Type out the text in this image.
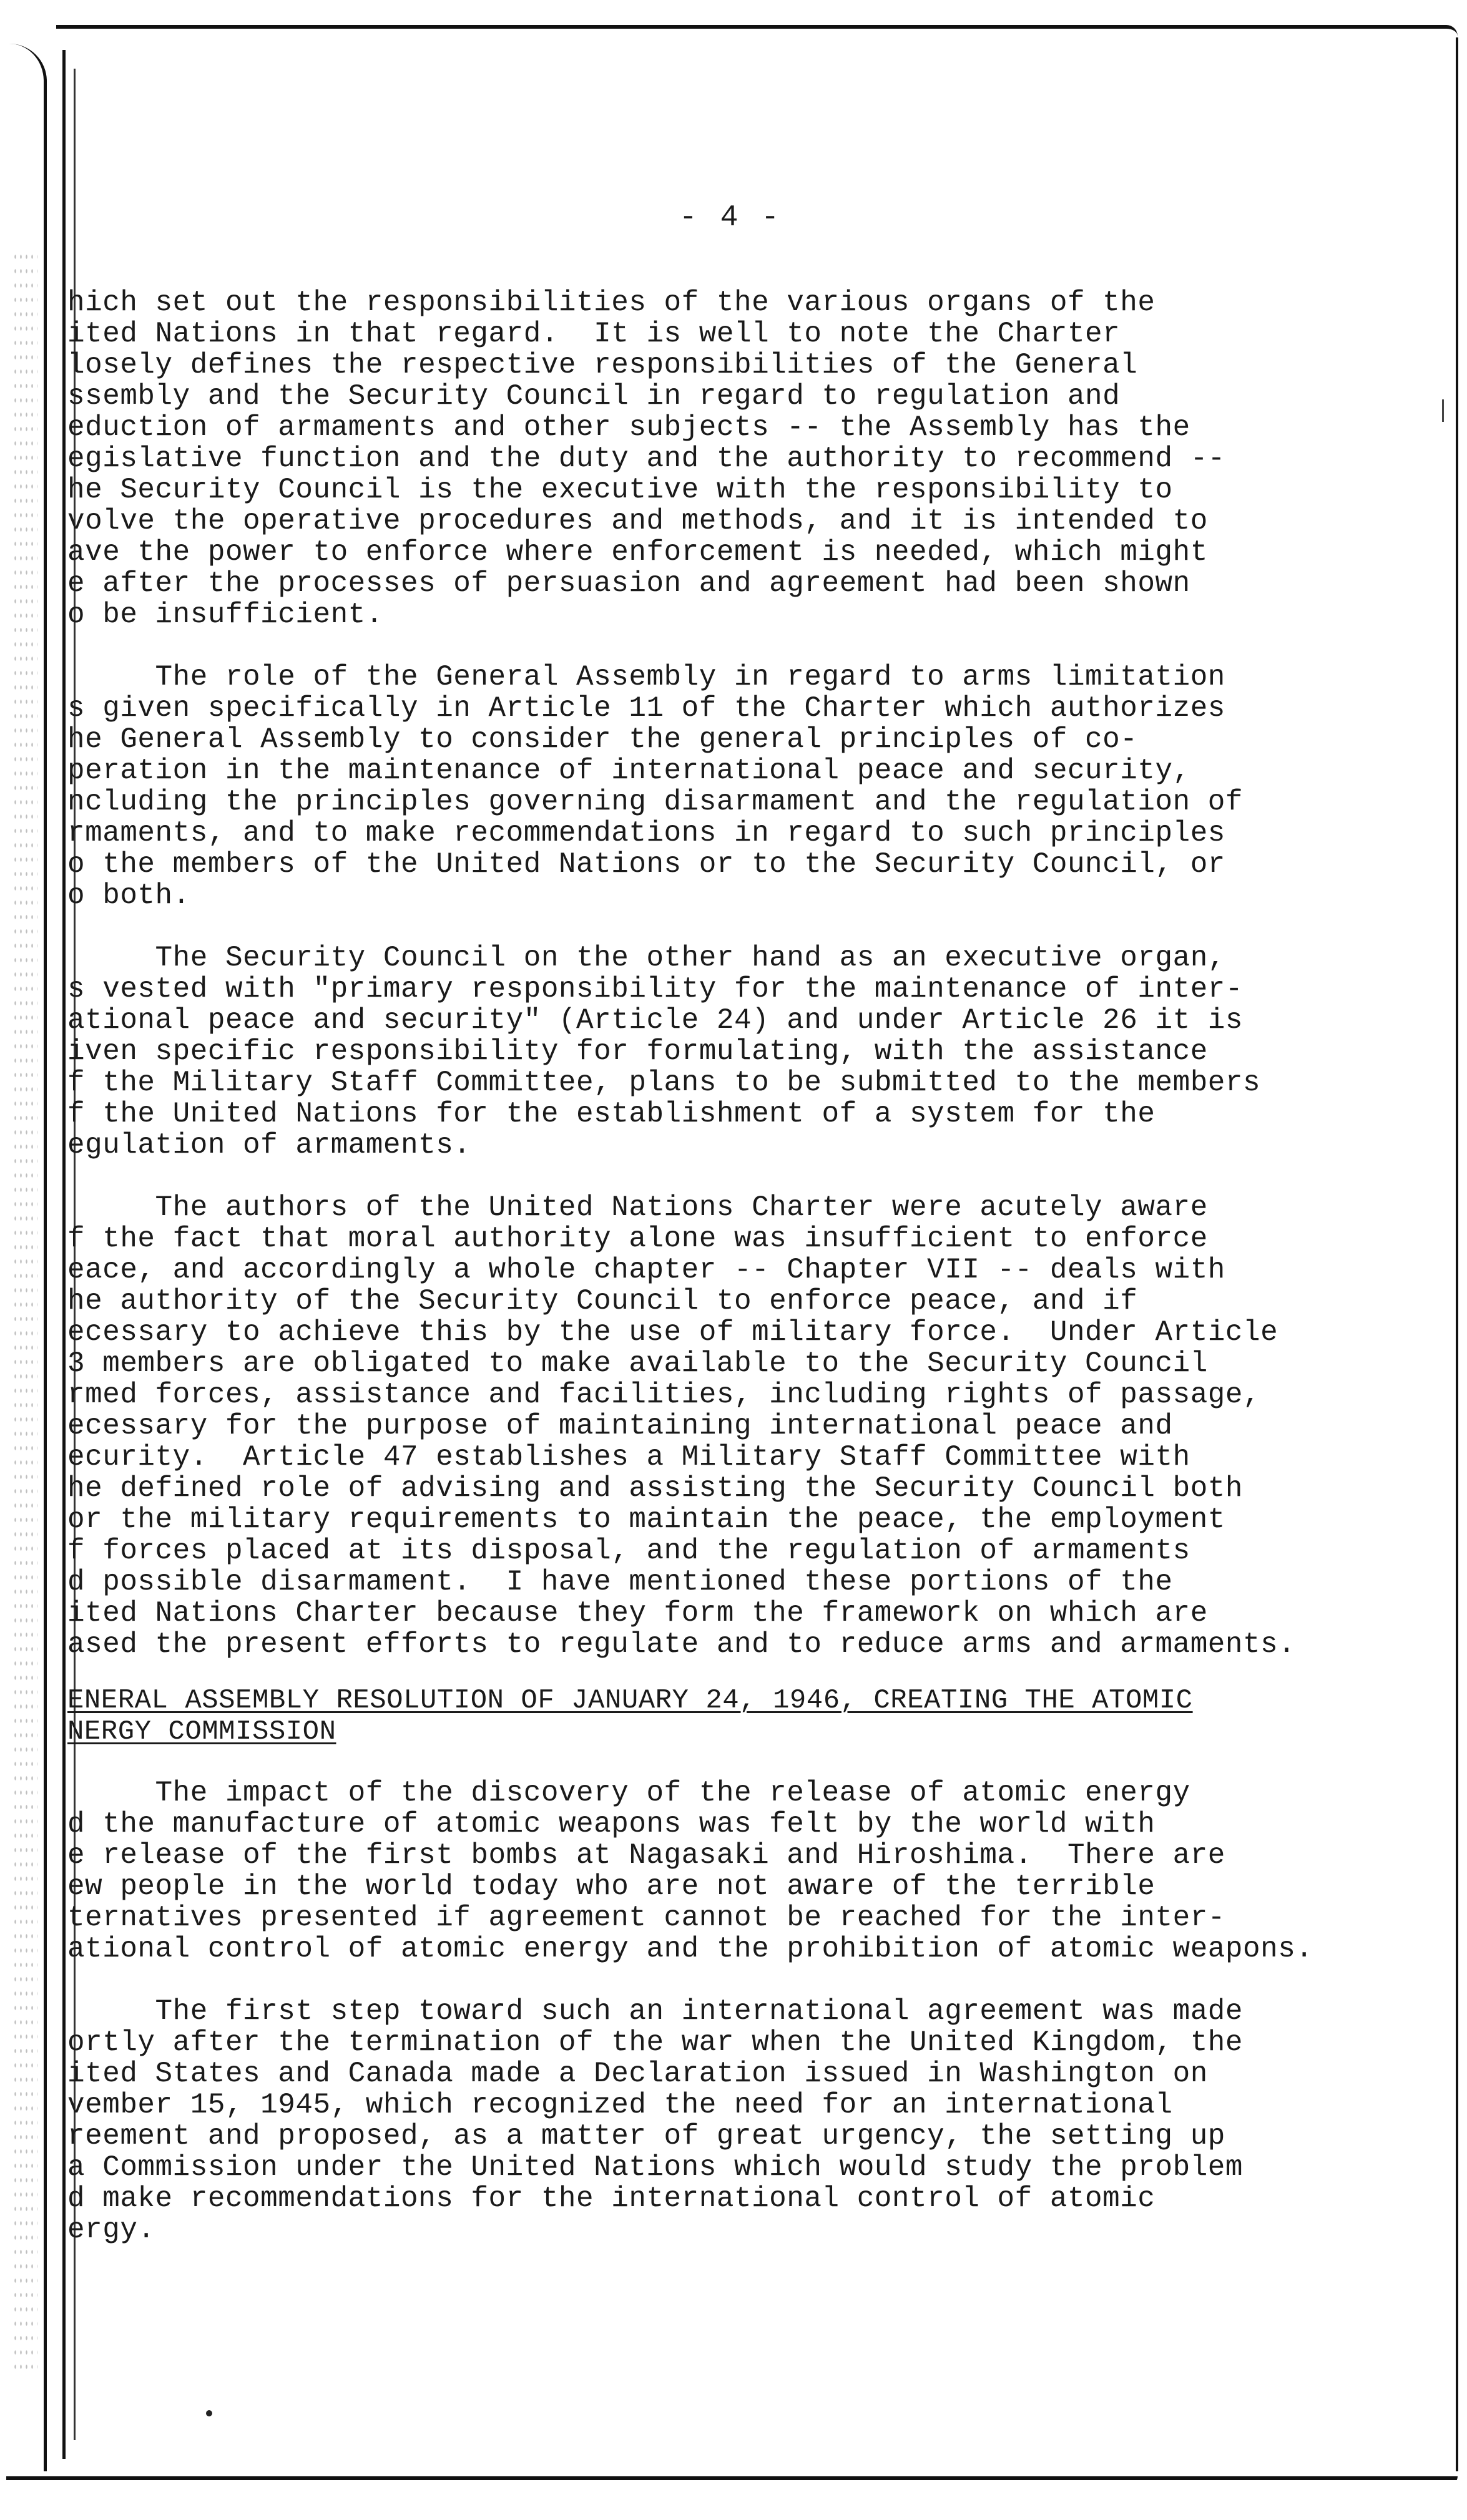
- 4 -

hich set out the responsibilities of the various organs of the
ited Nations in that regard.  It is well to note the Charter
losely defines the respective responsibilities of the General
ssembly and the Security Council in regard to regulation and
eduction of armaments and other subjects -- the Assembly has the
egislative function and the duty and the authority to recommend --
he Security Council is the executive with the responsibility to
volve the operative procedures and methods, and it is intended to
ave the power to enforce where enforcement is needed, which might
e after the processes of persuasion and agreement had been shown
o be insufficient.

The role of the General Assembly in regard to arms limitation
s given specifically in Article 11 of the Charter which authorizes
he General Assembly to consider the general principles of co-
peration in the maintenance of international peace and security,
ncluding the principles governing disarmament and the regulation of
rmaments, and to make recommendations in regard to such principles
o the members of the United Nations or to the Security Council, or
o both.

The Security Council on the other hand as an executive organ,
s vested with "primary responsibility for the maintenance of inter-
ational peace and security" (Article 24) and under Article 26 it is
iven specific responsibility for formulating, with the assistance
f the Military Staff Committee, plans to be submitted to the members
f the United Nations for the establishment of a system for the
egulation of armaments.

The authors of the United Nations Charter were acutely aware
f the fact that moral authority alone was insufficient to enforce
eace, and accordingly a whole chapter -- Chapter VII -- deals with
he authority of the Security Council to enforce peace, and if
ecessary to achieve this by the use of military force.  Under Article
3 members are obligated to make available to the Security Council
rmed forces, assistance and facilities, including rights of passage,
ecessary for the purpose of maintaining international peace and
ecurity.  Article 47 establishes a Military Staff Committee with
he defined role of advising and assisting the Security Council both
or the military requirements to maintain the peace, the employment
f forces placed at its disposal, and the regulation of armaments
d possible disarmament.  I have mentioned these portions of the
ited Nations Charter because they form the framework on which are
ased the present efforts to regulate and to reduce arms and armaments.

ENERAL ASSEMBLY RESOLUTION OF JANUARY 24, 1946, CREATING THE ATOMIC
NERGY COMMISSION

The impact of the discovery of the release of atomic energy
d the manufacture of atomic weapons was felt by the world with
e release of the first bombs at Nagasaki and Hiroshima.  There are
ew people in the world today who are not aware of the terrible
ternatives presented if agreement cannot be reached for the inter-
ational control of atomic energy and the prohibition of atomic weapons.

The first step toward such an international agreement was made
ortly after the termination of the war when the United Kingdom, the
ited States and Canada made a Declaration issued in Washington on
vember 15, 1945, which recognized the need for an international
reement and proposed, as a matter of great urgency, the setting up
a Commission under the United Nations which would study the problem
d make recommendations for the international control of atomic
ergy.
